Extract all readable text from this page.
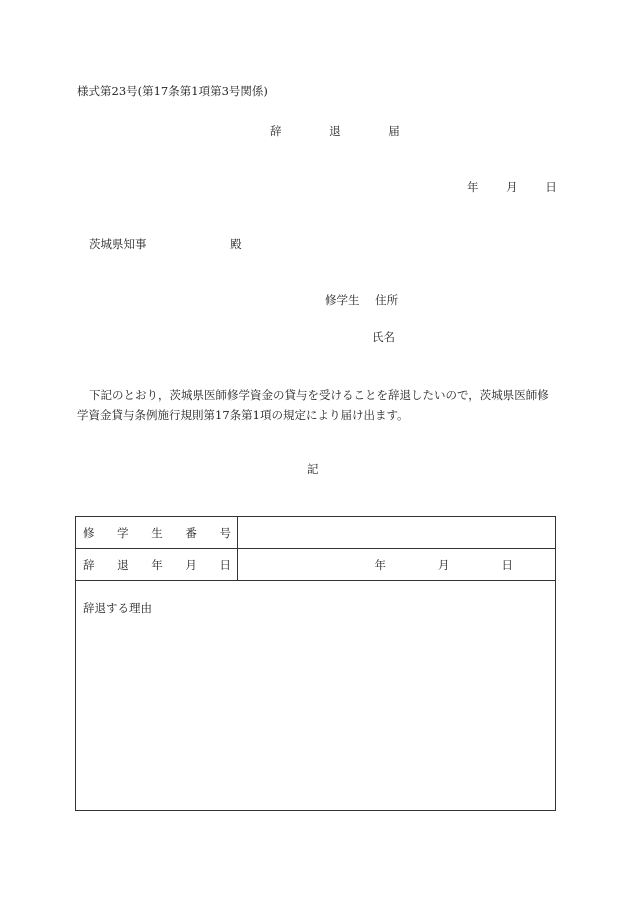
様式第23号(第17条第1項第3号関係)
辞 退 届
年 月 日
茨城県知事	殿
修学生 住所
氏名
下記のとおり，茨城県医師修学資金の貸与を受けることを辞退したいので，茨城県医師修学資金貸与条例施行規則第17条第1項の規定により届け出ます。
記
修 学 生 番 号	

辞 退 年 月 日	年 月 日

辞退する理由	
